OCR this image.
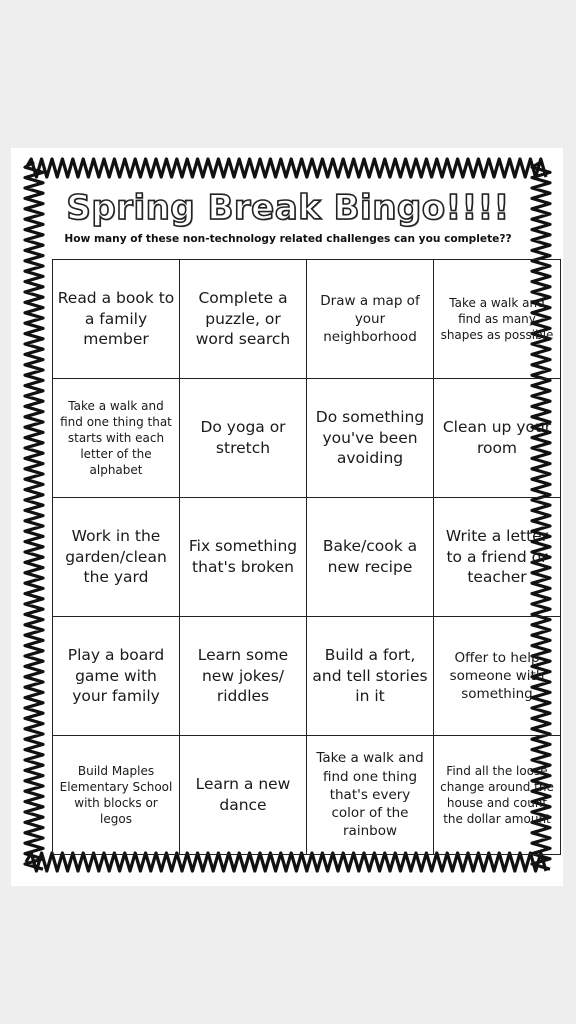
Spring Break Bingo!!!!
How many of these non-technology related challenges can you complete??
Read a book to a family member	Complete a puzzle, or word search	Draw a map of your neighborhood	Take a walk and find as many shapes as possible
Take a walk and find one thing that starts with each letter of the alphabet	Do yoga or stretch	Do something you've been avoiding	Clean up your room
Work in the garden/clean the yard	Fix something that's broken	Bake/cook a new recipe	Write a letter to a friend or teacher
Play a board game with your family	Learn some new jokes/ riddles	Build a fort, and tell stories in it	Offer to help someone with something
Build Maples Elementary School with blocks or legos	Learn a new dance	Take a walk and find one thing that's every color of the rainbow	Find all the loose change around the house and count the dollar amount
